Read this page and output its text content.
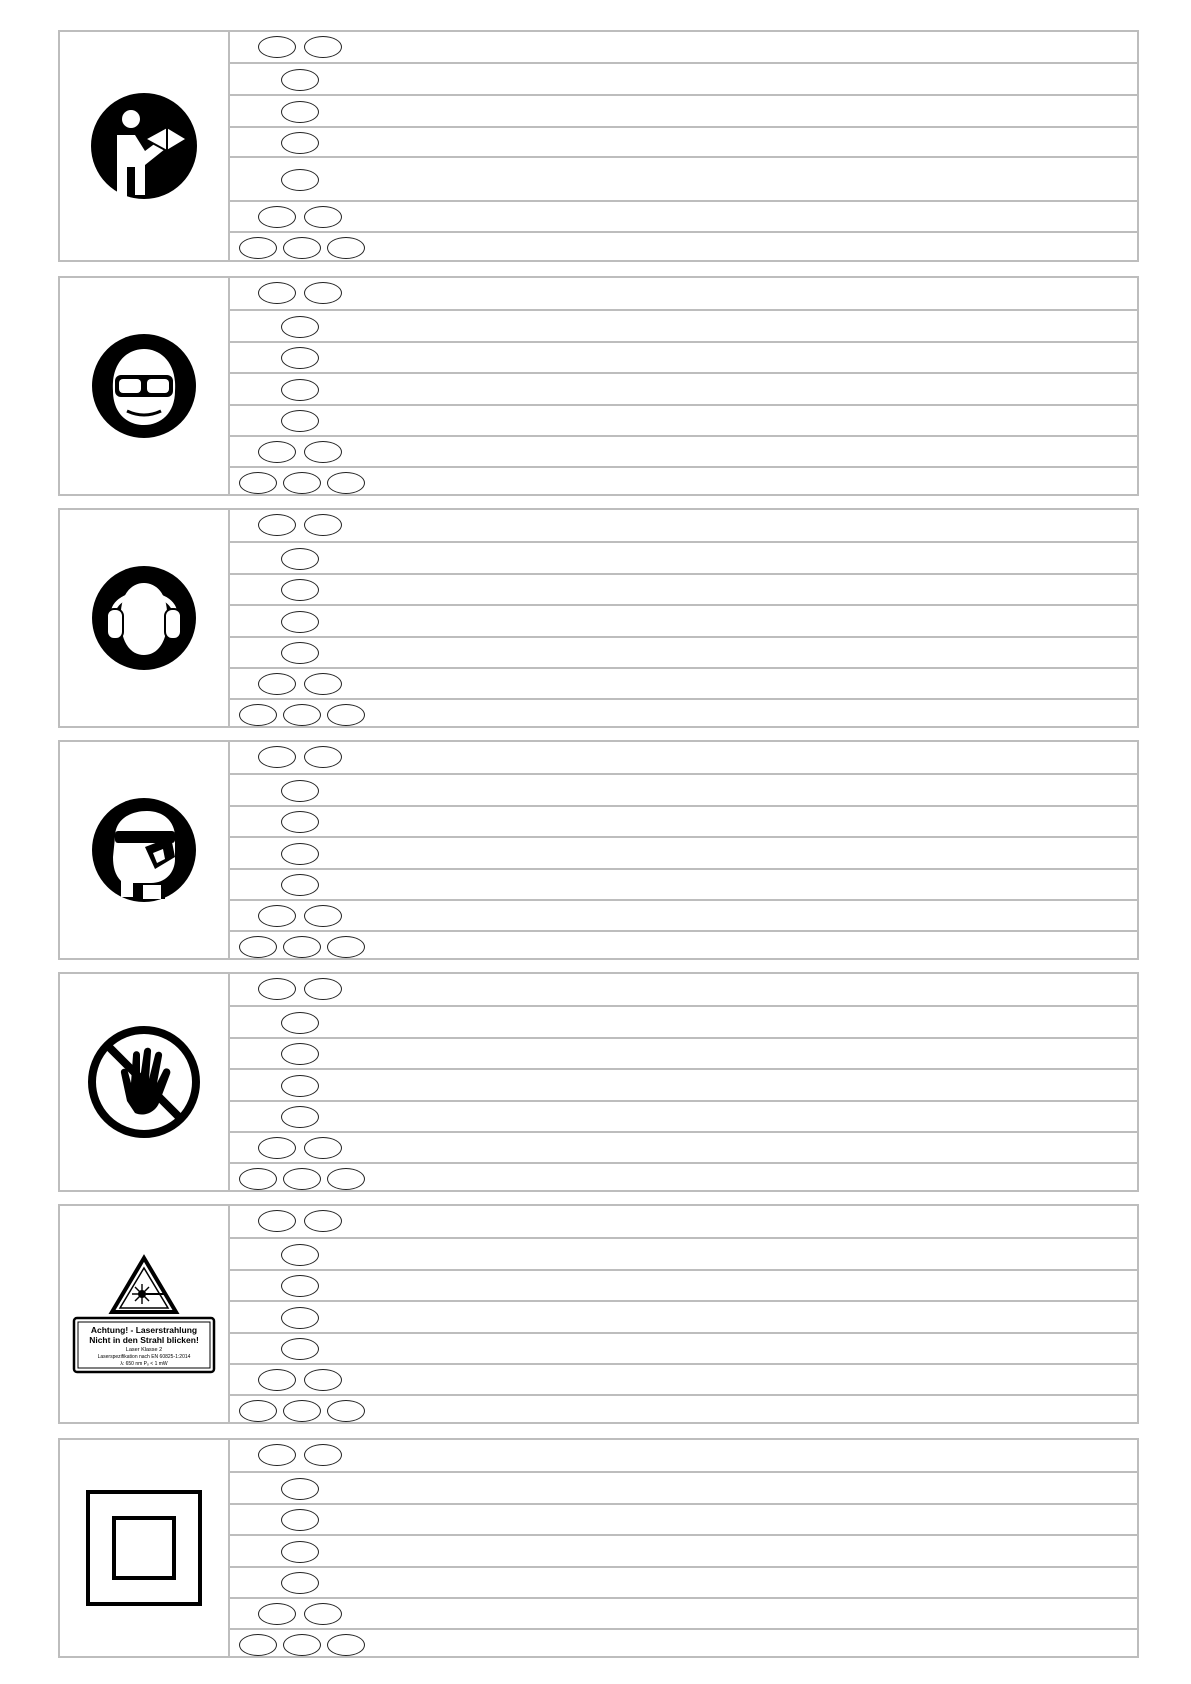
Achtung! - Laserstrahlung
Nicht in den Strahl blicken!
Laser Klasse 2
Laserspezifikation nach EN 60825-1:2014
λ: 650 nm Pₒ < 1 mW
